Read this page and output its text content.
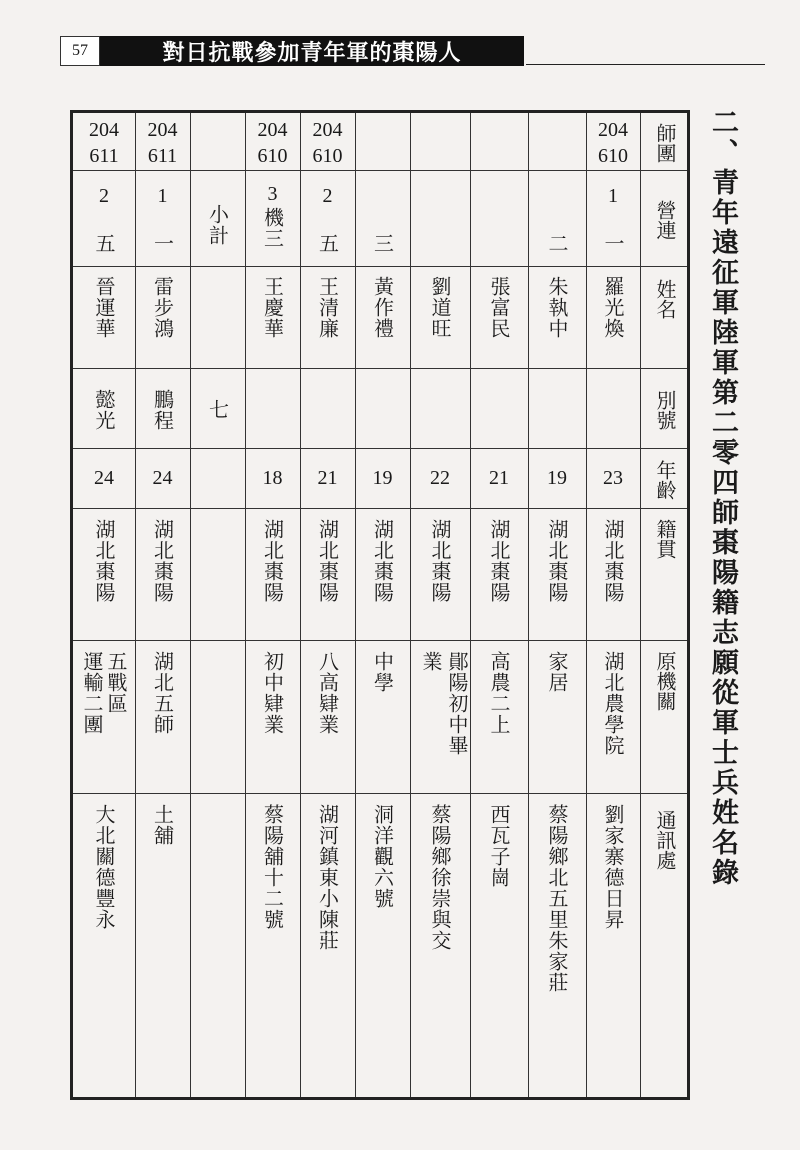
57	對日抗戰參加青年軍的棗陽人
二、青年遠征軍陸軍第二零四師棗陽籍志願從軍士兵姓名錄
師團
營連
姓名
別號
年齡
籍貫
原機關
通訊處
204
610
1
一
羅光煥
23
湖北棗陽
湖北農學院
劉家寨德日昇
二
朱執中
19
湖北棗陽
家居
蔡陽鄉北五里朱家莊
張富民
21
湖北棗陽
高農二上
西瓦子崗
劉道旺
22
湖北棗陽
鄖陽初中畢
業
蔡陽鄉徐崇與交
三
黃作禮
19
湖北棗陽
中學
洞洋觀六號
204
610
2
五
王清廉
21
湖北棗陽
八高肄業
湖河鎮東小陳莊
204
610
3
機三
王慶華
18
湖北棗陽
初中肄業
蔡陽舖十二號
小計
七
204
611
1
一
雷步鴻
鵬程
24
湖北棗陽
湖北五師
土舖
204
611
2
五
晉運華
懿光
24
湖北棗陽
五戰區
運輸二團
大北關德豐永
